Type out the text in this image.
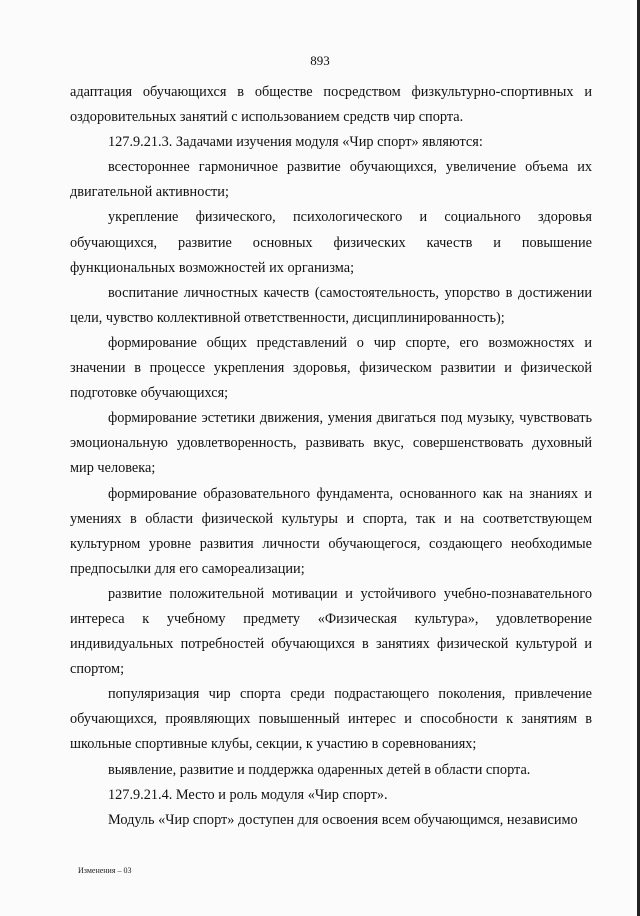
893

адаптация обучающихся в обществе посредством физкультурно-спортивных и оздоровительных занятий с использованием средств чир спорта.

127.9.21.3. Задачами изучения модуля «Чир спорт» являются:

всестороннее гармоничное развитие обучающихся, увеличение объема их двигательной активности;

укрепление физического, психологического и социального здоровья обучающихся, развитие основных физических качеств и повышение функциональных возможностей их организма;

воспитание личностных качеств (самостоятельность, упорство в достижении цели, чувство коллективной ответственности, дисциплинированность);

формирование общих представлений о чир спорте, его возможностях и значении в процессе укрепления здоровья, физическом развитии и физической подготовке обучающихся;

формирование эстетики движения, умения двигаться под музыку, чувствовать эмоциональную удовлетворенность, развивать вкус, совершенствовать духовный мир человека;

формирование образовательного фундамента, основанного как на знаниях и умениях в области физической культуры и спорта, так и на соответствующем культурном уровне развития личности обучающегося, создающего необходимые предпосылки для его самореализации;

развитие положительной мотивации и устойчивого учебно-познавательного интереса к учебному предмету «Физическая культура», удовлетворение индивидуальных потребностей обучающихся в занятиях физической культурой и спортом;

популяризация чир спорта среди подрастающего поколения, привлечение обучающихся, проявляющих повышенный интерес и способности к занятиям в школьные спортивные клубы, секции, к участию в соревнованиях;

выявление, развитие и поддержка одаренных детей в области спорта.

127.9.21.4. Место и роль модуля «Чир спорт».

Модуль «Чир спорт» доступен для освоения всем обучающимся, независимо

Изменения – 03
